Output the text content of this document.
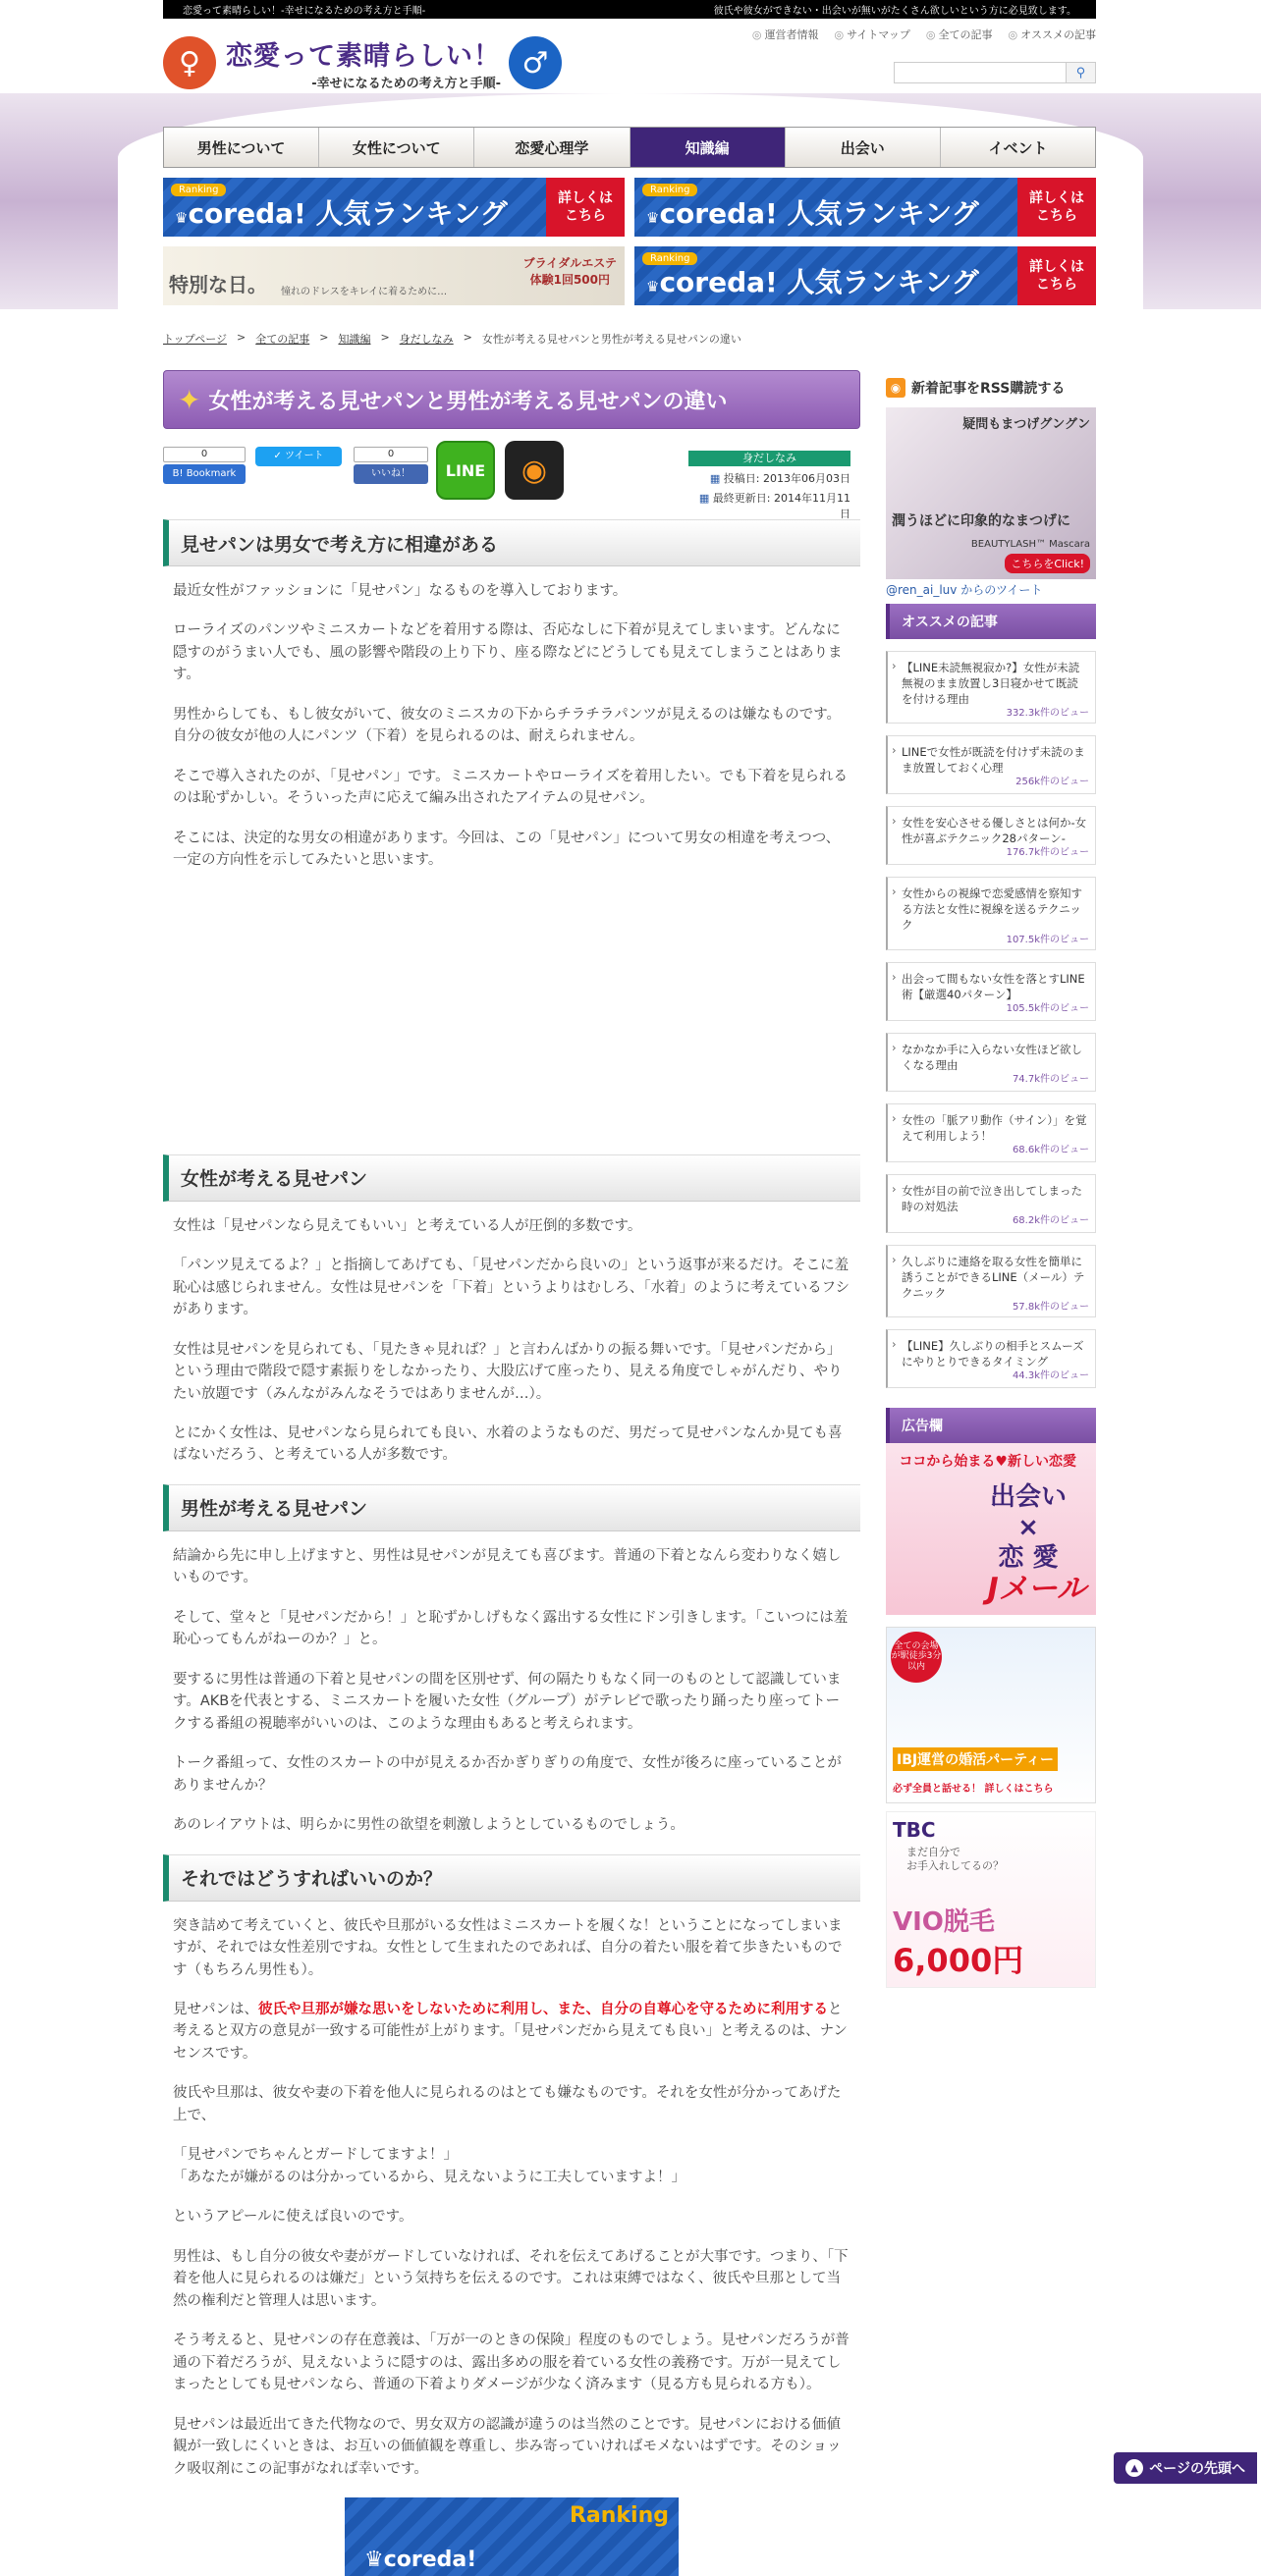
恋愛って素晴らしい！-幸せになるための考え方と手順-	彼氏や彼女ができない・出会いが無いがたくさん欲しいという方に必見致します。
♀ 恋愛って素晴らしい！
-幸せになるための考え方と手順-
♂
◎ 運営者情報	◎ サイトマップ	◎ 全ての記事	◎ オススメの記事
⚲
男性について	女性について	恋愛心理学	知識編	出会い	イベント
Ranking
♛coreda! 人気ランキング	詳しくは
こちら
Ranking
♛coreda! 人気ランキング	詳しくは
こちら
特別な日。 憧れのドレスをキレイに着るために…
ブライダルエステ
体験1回500円
Ranking
♛coreda! 人気ランキング	詳しくは
こちら
トップページ > 全ての記事 > 知識編 > 身だしなみ > 女性が考える見せパンと男性が考える見せパンの違い
✦ 女性が考える見せパンと男性が考える見せパンの違い
0
B! Bookmark
✓ ツイート	0
いいね！	LINE	◉	身だしなみ
▦ 投稿日: 2013年06月03日
▦ 最終更新日: 2014年11月11日
見せパンは男女で考え方に相違がある

最近女性がファッションに「見せパン」なるものを導入しております。

ローライズのパンツやミニスカートなどを着用する際は、否応なしに下着が見えてしまいます。どんなに隠すのがうまい人でも、風の影響や階段の上り下り、座る際などにどうしても見えてしまうことはあります。

男性からしても、もし彼女がいて、彼女のミニスカの下からチラチラパンツが見えるのは嫌なものです。自分の彼女が他の人にパンツ（下着）を見られるのは、耐えられません。

そこで導入されたのが、「見せパン」です。ミニスカートやローライズを着用したい。でも下着を見られるのは恥ずかしい。そういった声に応えて編み出されたアイテムの見せパン。

そこには、決定的な男女の相違があります。今回は、この「見せパン」について男女の相違を考えつつ、一定の方向性を示してみたいと思います。

女性が考える見せパン

女性は「見せパンなら見えてもいい」と考えている人が圧倒的多数です。

「パンツ見えてるよ？」と指摘してあげても、「見せパンだから良いの」という返事が来るだけ。そこに羞恥心は感じられません。女性は見せパンを「下着」というよりはむしろ、「水着」のように考えているフシがあります。

女性は見せパンを見られても、「見たきゃ見れば？」と言わんばかりの振る舞いです。「見せパンだから」という理由で階段で隠す素振りをしなかったり、大股広げて座ったり、見える角度でしゃがんだり、やりたい放題です（みんながみんなそうではありませんが…）。

とにかく女性は、見せパンなら見られても良い、水着のようなものだ、男だって見せパンなんか見ても喜ばないだろう、と考えている人が多数です。

男性が考える見せパン

結論から先に申し上げますと、男性は見せパンが見えても喜びます。普通の下着となんら変わりなく嬉しいものです。

そして、堂々と「見せパンだから！」と恥ずかしげもなく露出する女性にドン引きします。「こいつには羞恥心ってもんがねーのか？」と。

要するに男性は普通の下着と見せパンの間を区別せず、何の隔たりもなく同一のものとして認識しています。AKBを代表とする、ミニスカートを履いた女性（グループ）がテレビで歌ったり踊ったり座ってトークする番組の視聴率がいいのは、このような理由もあると考えられます。

トーク番組って、女性のスカートの中が見えるか否かぎりぎりの角度で、女性が後ろに座っていることがありませんか？

あのレイアウトは、明らかに男性の欲望を刺激しようとしているものでしょう。

それではどうすればいいのか？

突き詰めて考えていくと、彼氏や旦那がいる女性はミニスカートを履くな！ということになってしまいますが、それでは女性差別ですね。女性として生まれたのであれば、自分の着たい服を着て歩きたいものです（もちろん男性も）。

見せパンは、彼氏や旦那が嫌な思いをしないために利用し、また、自分の自尊心を守るために利用すると考えると双方の意見が一致する可能性が上がります。「見せパンだから見えても良い」と考えるのは、ナンセンスです。

彼氏や旦那は、彼女や妻の下着を他人に見られるのはとても嫌なものです。それを女性が分かってあげた上で、

「見せパンでちゃんとガードしてますよ！」
「あなたが嫌がるのは分かっているから、見えないように工夫していますよ！」

というアピールに使えば良いのです。

男性は、もし自分の彼女や妻がガードしていなければ、それを伝えてあげることが大事です。つまり、「下着を他人に見られるのは嫌だ」という気持ちを伝えるのです。これは束縛ではなく、彼氏や旦那として当然の権利だと管理人は思います。

そう考えると、見せパンの存在意義は、「万が一のときの保険」程度のものでしょう。見せパンだろうが普通の下着だろうが、見えないように隠すのは、露出多めの服を着ている女性の義務です。万が一見えてしまったとしても見せパンなら、普通の下着よりダメージが少なく済みます（見る方も見られる方も）。

見せパンは最近出てきた代物なので、男女双方の認識が違うのは当然のことです。見せパンにおける価値観が一致しにくいときは、お互いの価値観を尊重し、歩み寄っていければモメないはずです。そのショック吸収剤にこの記事がなれば幸いです。

Ranking
♛coreda!
◉ 新着記事をRSS購読する
疑問もまつげグングン
潤うほどに印象的なまつげに
BEAUTYLASH™ Mascara
こちらをClick!
@ren_ai_luv からのツイート
オススメの記事
› 【LINE未読無視寂か?】女性が未読無視のまま放置し3日寝かせて既読を付ける理由
332.3k件のビュー
› LINEで女性が既読を付けず未読のまま放置しておく心理
256k件のビュー
› 女性を安心させる優しさとは何か-女性が喜ぶテクニック28パターン-
176.7k件のビュー
› 女性からの視線で恋愛感情を察知する方法と女性に視線を送るテクニック
107.5k件のビュー
› 出会って間もない女性を落とすLINE術【厳選40パターン】
105.5k件のビュー
› なかなか手に入らない女性ほど欲しくなる理由
74.7k件のビュー
› 女性の「脈アリ動作（サイン）」を覚えて利用しよう！
68.6k件のビュー
› 女性が目の前で泣き出してしまった時の対処法
68.2k件のビュー
› 久しぶりに連絡を取る女性を簡単に誘うことができるLINE（メール）テクニック
57.8k件のビュー
› 【LINE】久しぶりの相手とスムーズにやりとりできるタイミング
44.3k件のビュー
広告欄
ココから始まる♥新しい恋愛
出会い
×
恋 愛
Jメール
全ての会場が駅徒歩3分以内
IBJ運営の婚活パーティー
必ず全員と話せる！ 詳しくはこちら
TBC
まだ自分で
お手入れしてるの？
VIO脱毛
6,000円
▲ ページの先頭へ
